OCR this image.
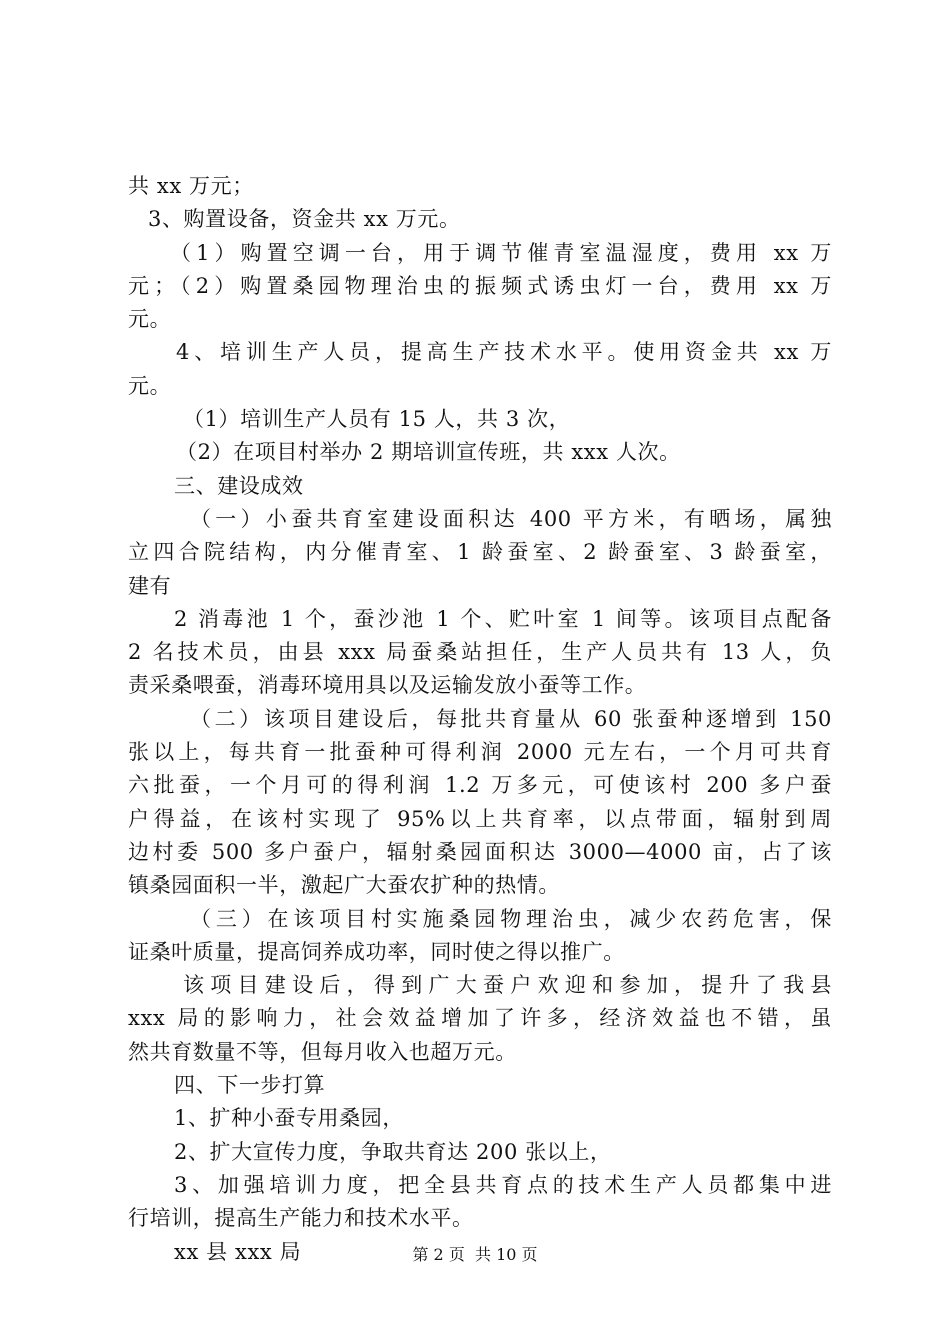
共 xx 万元；
3、购置设备，资金共 xx 万元。
（1）购置空调一台，用于调节催青室温湿度，费用 xx 万
元；（2）购置桑园物理治虫的振频式诱虫灯一台，费用 xx 万
元。
4、培训生产人员，提高生产技术水平。使用资金共 xx 万
元。
（1）培训生产人员有 15 人，共 3 次，
（2）在项目村举办 2 期培训宣传班，共 xxx 人次。
三、建设成效
（一）小蚕共育室建设面积达 400 平方米，有晒场，属独
立四合院结构，内分催青室、1 龄蚕室、2 龄蚕室、3 龄蚕室，
建有
2 消毒池 1 个，蚕沙池 1 个、贮叶室 1 间等。该项目点配备
2 名技术员，由县 xxx 局蚕桑站担任，生产人员共有 13 人，负
责采桑喂蚕，消毒环境用具以及运输发放小蚕等工作。
（二）该项目建设后，每批共育量从 60 张蚕种逐增到 150
张以上，每共育一批蚕种可得利润 2000 元左右，一个月可共育
六批蚕，一个月可的得利润 1.2 万多元，可使该村 200 多户蚕
户得益，在该村实现了 95%以上共育率，以点带面，辐射到周
边村委 500 多户蚕户，辐射桑园面积达 3000—4000 亩，占了该
镇桑园面积一半，激起广大蚕农扩种的热情。
（三）在该项目村实施桑园物理治虫，减少农药危害，保
证桑叶质量，提高饲养成功率，同时使之得以推广。
该项目建设后，得到广大蚕户欢迎和参加，提升了我县
xxx 局的影响力，社会效益增加了许多，经济效益也不错，虽
然共育数量不等，但每月收入也超万元。
四、下一步打算
1、扩种小蚕专用桑园，
2、扩大宣传力度，争取共育达 200 张以上，
3、加强培训力度，把全县共育点的技术生产人员都集中进
行培训，提高生产能力和技术水平。
xx 县 xxx 局	第 2 页  共 10 页
